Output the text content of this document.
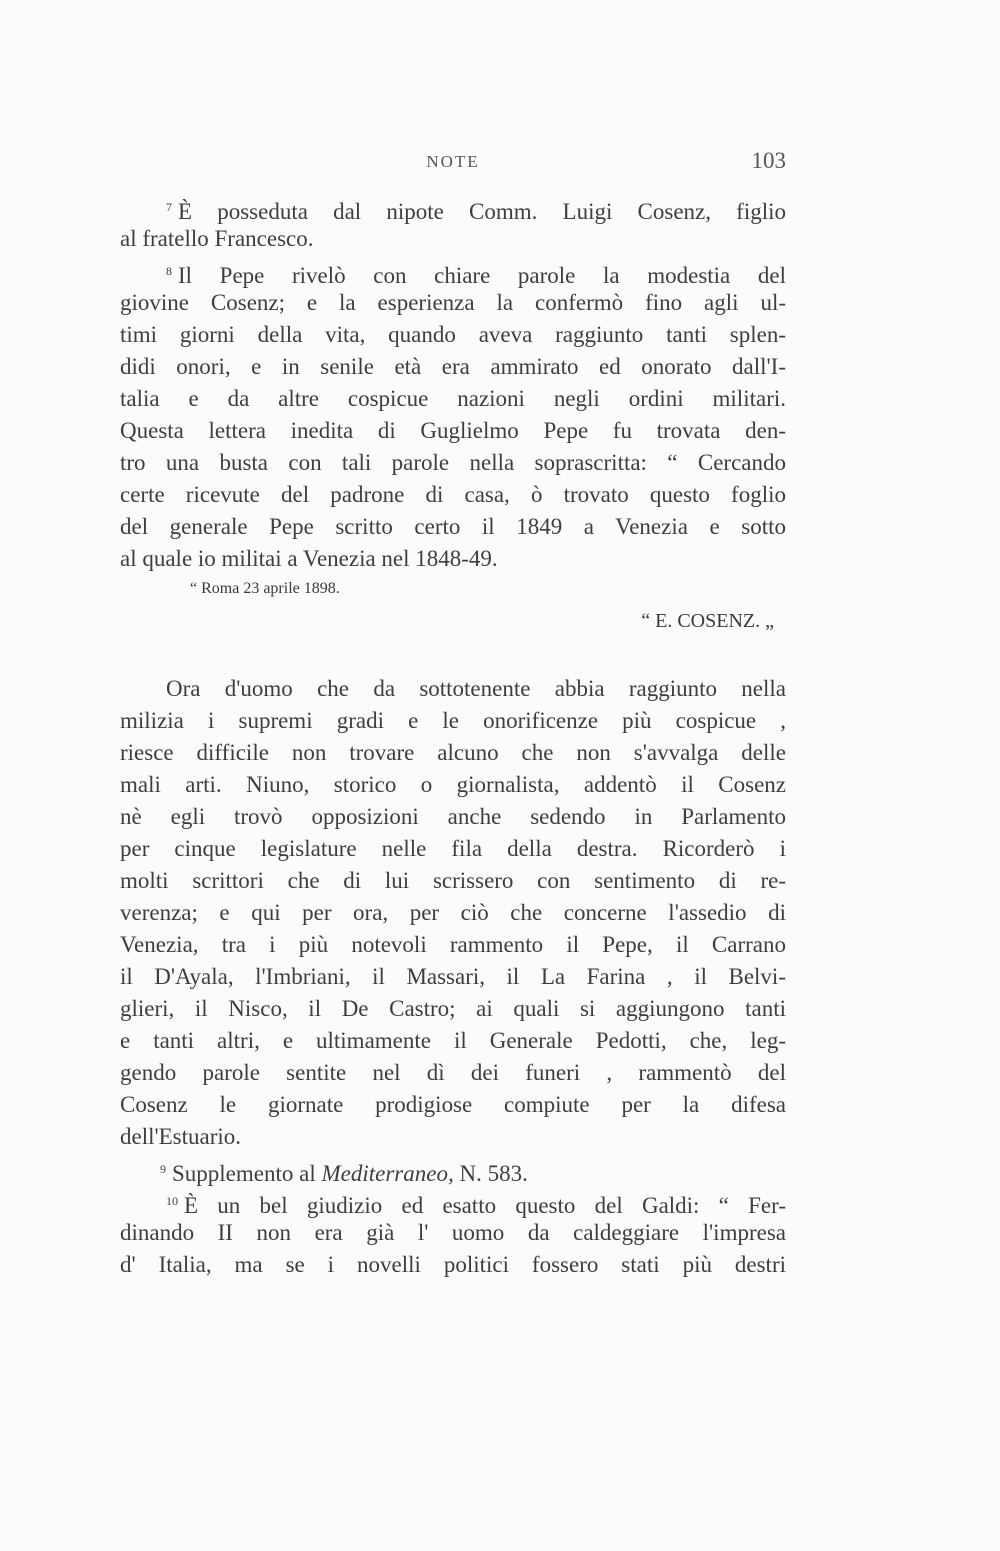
NOTE	103
$^7$ È posseduta dal nipote Comm. Luigi Cosenz, figlio
al fratello Francesco.
$^8$ Il Pepe rivelò con chiare parole la modestia del
giovine Cosenz; e la esperienza la confermò fino agli ul-
timi giorni della vita, quando aveva raggiunto tanti splen-
didi onori, e in senile età era ammirato ed onorato dall'I-
talia e da altre cospicue nazioni negli ordini militari.
Questa lettera inedita di Guglielmo Pepe fu trovata den-
tro una busta con tali parole nella soprascritta: “ Cercando
certe ricevute del padrone di casa, ò trovato questo foglio
del generale Pepe scritto certo il 1849 a Venezia e sotto
al quale io militai a Venezia nel 1848-49.
“ Roma 23 aprile 1898.
“ E. COSENZ. „
Ora d'uomo che da sottotenente abbia raggiunto nella
milizia i supremi gradi e le onorificenze più cospicue ,
riesce difficile non trovare alcuno che non s'avvalga delle
mali arti. Niuno, storico o giornalista, addentò il Cosenz
nè egli trovò opposizioni anche sedendo in Parlamento
per cinque legislature nelle fila della destra. Ricorderò i
molti scrittori che di lui scrissero con sentimento di re-
verenza; e qui per ora, per ciò che concerne l'assedio di
Venezia, tra i più notevoli rammento il Pepe, il Carrano
il D'Ayala, l'Imbriani, il Massari, il La Farina , il Belvi-
glieri, il Nisco, il De Castro; ai quali si aggiungono tanti
e tanti altri, e ultimamente il Generale Pedotti, che, leg-
gendo parole sentite nel dì dei funeri , rammentò del
Cosenz le giornate prodigiose compiute per la difesa
dell'Estuario.
$^9$ Supplemento al Mediterraneo, N. 583.
$^{10}$ È un bel giudizio ed esatto questo del Galdi: “ Fer-
dinando II non era già l' uomo da caldeggiare l'impresa
d' Italia, ma se i novelli politici fossero stati più destri
